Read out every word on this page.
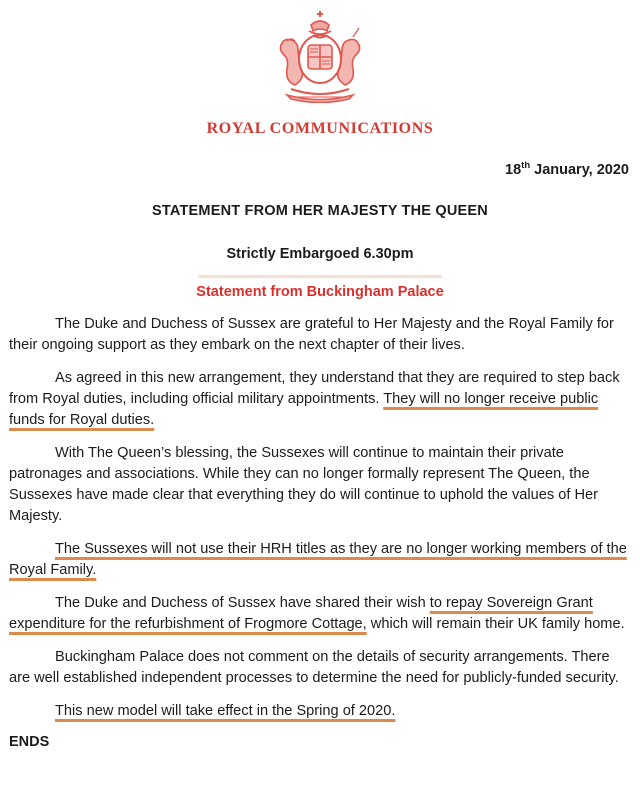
ROYAL COMMUNICATIONS
18th January, 2020
STATEMENT FROM HER MAJESTY THE QUEEN
Strictly Embargoed 6.30pm
Statement from Buckingham Palace

The Duke and Duchess of Sussex are grateful to Her Majesty and the Royal Family for their ongoing support as they embark on the next chapter of their lives.

As agreed in this new arrangement, they understand that they are required to step back from Royal duties, including official military appointments. They will no longer receive public funds for Royal duties.

With The Queen’s blessing, the Sussexes will continue to maintain their private patronages and associations. While they can no longer formally represent The Queen, the Sussexes have made clear that everything they do will continue to uphold the values of Her Majesty.

The Sussexes will not use their HRH titles as they are no longer working members of the Royal Family.

The Duke and Duchess of Sussex have shared their wish to repay Sovereign Grant expenditure for the refurbishment of Frogmore Cottage, which will remain their UK family home.

Buckingham Palace does not comment on the details of security arrangements. There are well established independent processes to determine the need for publicly-funded security.

This new model will take effect in the Spring of 2020.

ENDS
